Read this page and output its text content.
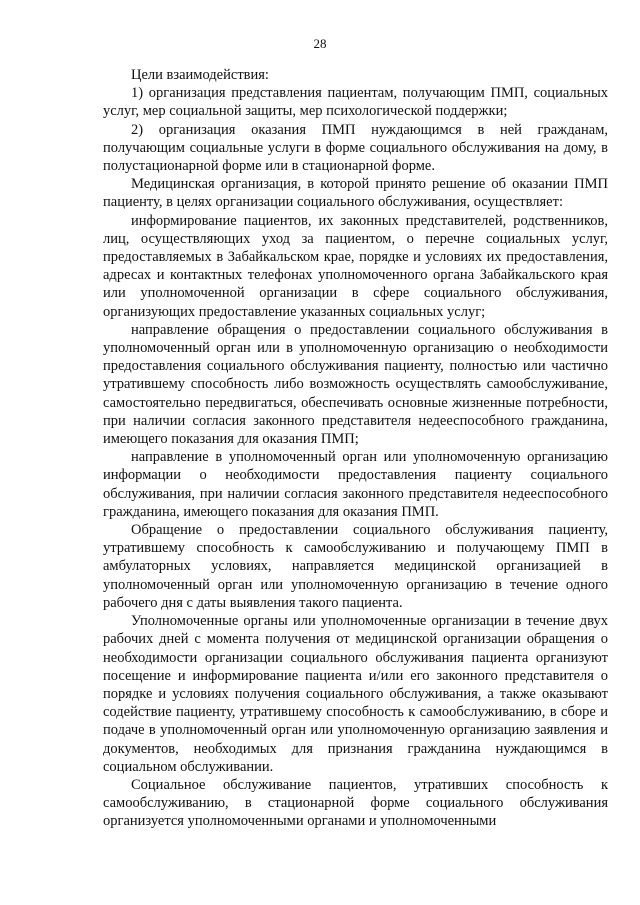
28

Цели взаимодействия:

1) организация представления пациентам, получающим ПМП, социальных услуг, мер социальной защиты, мер психологической поддержки;

2) организация оказания ПМП нуждающимся в ней гражданам, получающим социальные услуги в форме социального обслуживания на дому, в полустационарной форме или в стационарной форме.

Медицинская организация, в которой принято решение об оказании ПМП пациенту, в целях организации социального обслуживания, осуществляет:

информирование пациентов, их законных представителей, родственников, лиц, осуществляющих уход за пациентом, о перечне социальных услуг, предоставляемых в Забайкальском крае, порядке и условиях их предоставления, адресах и контактных телефонах уполномоченного органа Забайкальского края или уполномоченной организации в сфере социального обслуживания, организующих предоставление указанных социальных услуг;

направление обращения о предоставлении социального обслуживания в уполномоченный орган или в уполномоченную организацию о необходимости предоставления социального обслуживания пациенту, полностью или частично утратившему способность либо возможность осуществлять самообслуживание, самостоятельно передвигаться, обеспечивать основные жизненные потребности, при наличии согласия законного представителя недееспособного гражданина, имеющего показания для оказания ПМП;

направление в уполномоченный орган или уполномоченную организацию информации о необходимости предоставления пациенту социального обслуживания, при наличии согласия законного представителя недееспособного гражданина, имеющего показания для оказания ПМП.

Обращение о предоставлении социального обслуживания пациенту, утратившему способность к самообслуживанию и получающему ПМП в амбулаторных условиях, направляется медицинской организацией в уполномоченный орган или уполномоченную организацию в течение одного рабочего дня с даты выявления такого пациента.

Уполномоченные органы или уполномоченные организации в течение двух рабочих дней с момента получения от медицинской организации обращения о необходимости организации социального обслуживания пациента организуют посещение и информирование пациента и/или его законного представителя о порядке и условиях получения социального обслуживания, а также оказывают содействие пациенту, утратившему способность к самообслуживанию, в сборе и подаче в уполномоченный орган или уполномоченную организацию заявления и документов, необходимых для признания гражданина нуждающимся в социальном обслуживании.

Социальное обслуживание пациентов, утративших способность к самообслуживанию, в стационарной форме социального обслуживания организуется уполномоченными органами и уполномоченными
